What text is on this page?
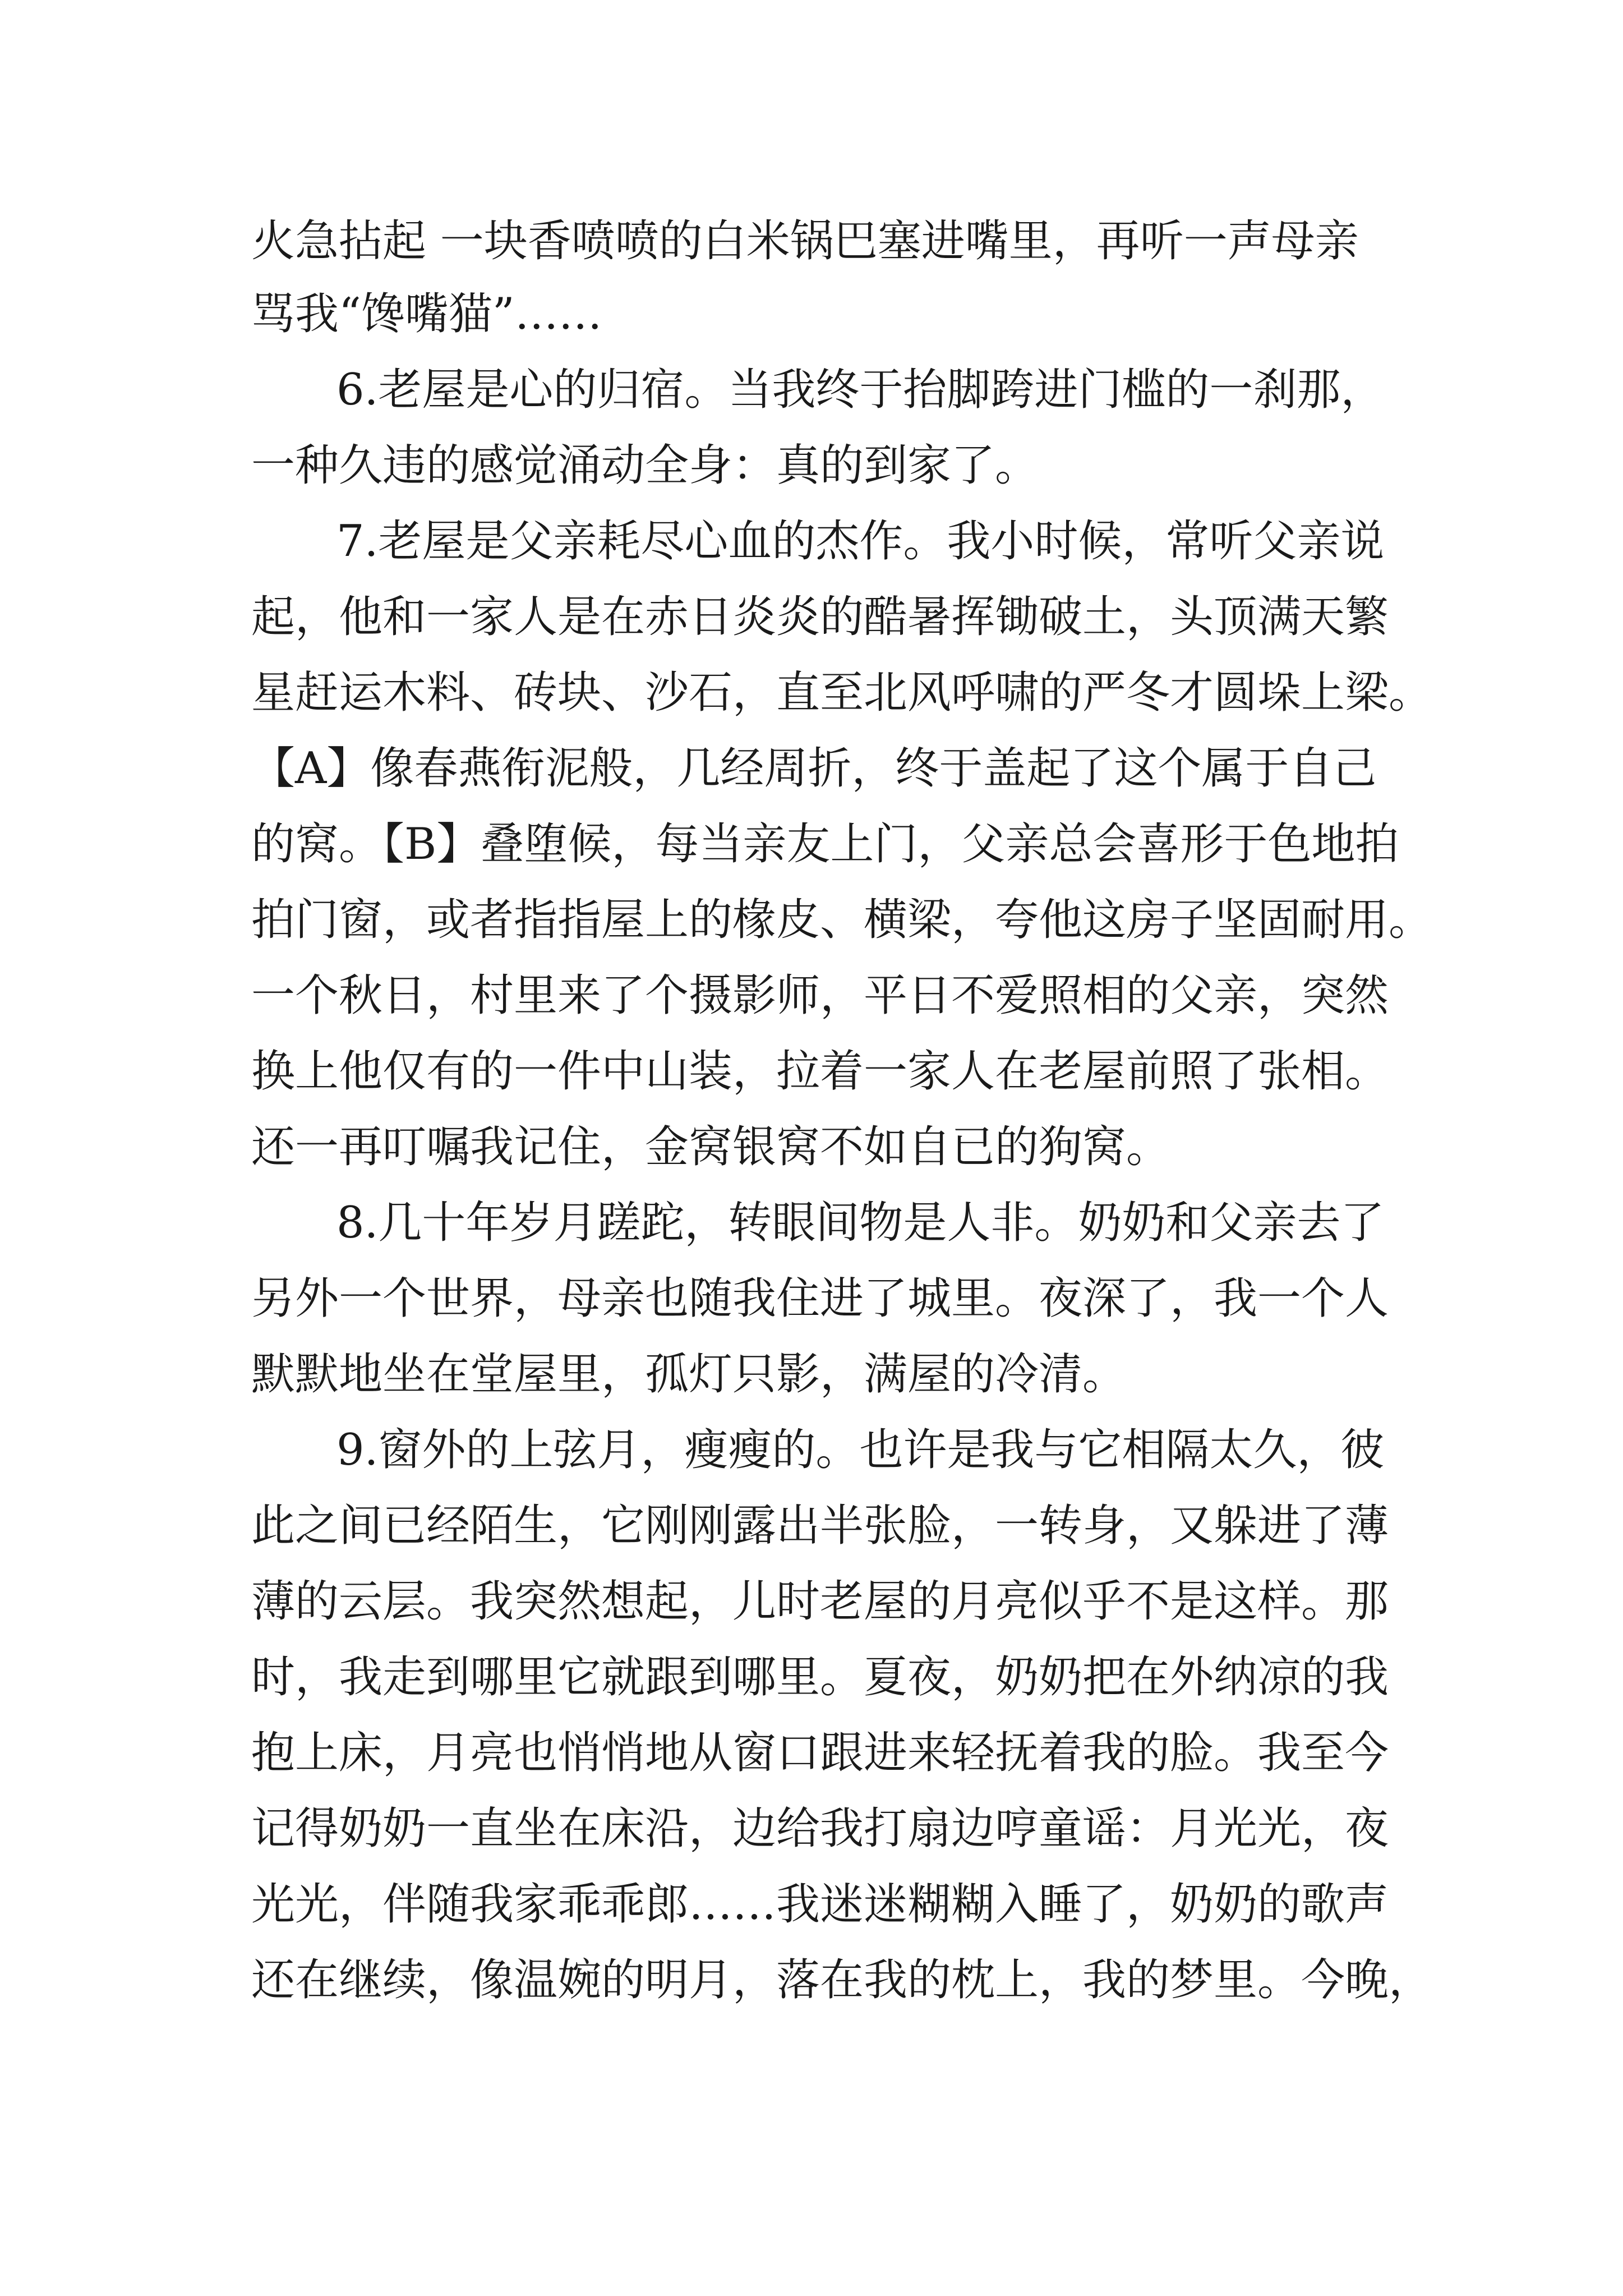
火急拈起 一块香喷喷的白米锅巴塞进嘴里，再听一声母亲
骂我“馋嘴猫”……
6.老屋是心的归宿。当我终于抬脚跨进门槛的一刹那，
一种久违的感觉涌动全身：真的到家了。
7.老屋是父亲耗尽心血的杰作。我小时候，常听父亲说
起，他和一家人是在赤日炎炎的酷暑挥锄破土，头顶满天繁
星赶运木料、砖块、沙石，直至北风呼啸的严冬才圆垛上梁。
【A】像春燕衔泥般，几经周折，终于盖起了这个属于自己
的窝。【B】叠堕候，每当亲友上门，父亲总会喜形于色地拍
拍门窗，或者指指屋上的椽皮、横梁，夸他这房子坚固耐用。
一个秋日，村里来了个摄影师，平日不爱照相的父亲，突然
换上他仅有的一件中山装，拉着一家人在老屋前照了张相。
还一再叮嘱我记住，金窝银窝不如自已的狗窝。
8.几十年岁月蹉跎，转眼间物是人非。奶奶和父亲去了
另外一个世界，母亲也随我住进了城里。夜深了，我一个人
默默地坐在堂屋里，孤灯只影，满屋的冷清。
9.窗外的上弦月，瘦瘦的。也许是我与它相隔太久，彼
此之间已经陌生，它刚刚露出半张脸，一转身，又躲进了薄
薄的云层。我突然想起，儿时老屋的月亮似乎不是这样。那
时，我走到哪里它就跟到哪里。夏夜，奶奶把在外纳凉的我
抱上床，月亮也悄悄地从窗口跟进来轻抚着我的脸。我至今
记得奶奶一直坐在床沿，边给我打扇边哼童谣：月光光，夜
光光，伴随我家乖乖郎……我迷迷糊糊入睡了，奶奶的歌声
还在继续，像温婉的明月，落在我的枕上，我的梦里。今晚，
